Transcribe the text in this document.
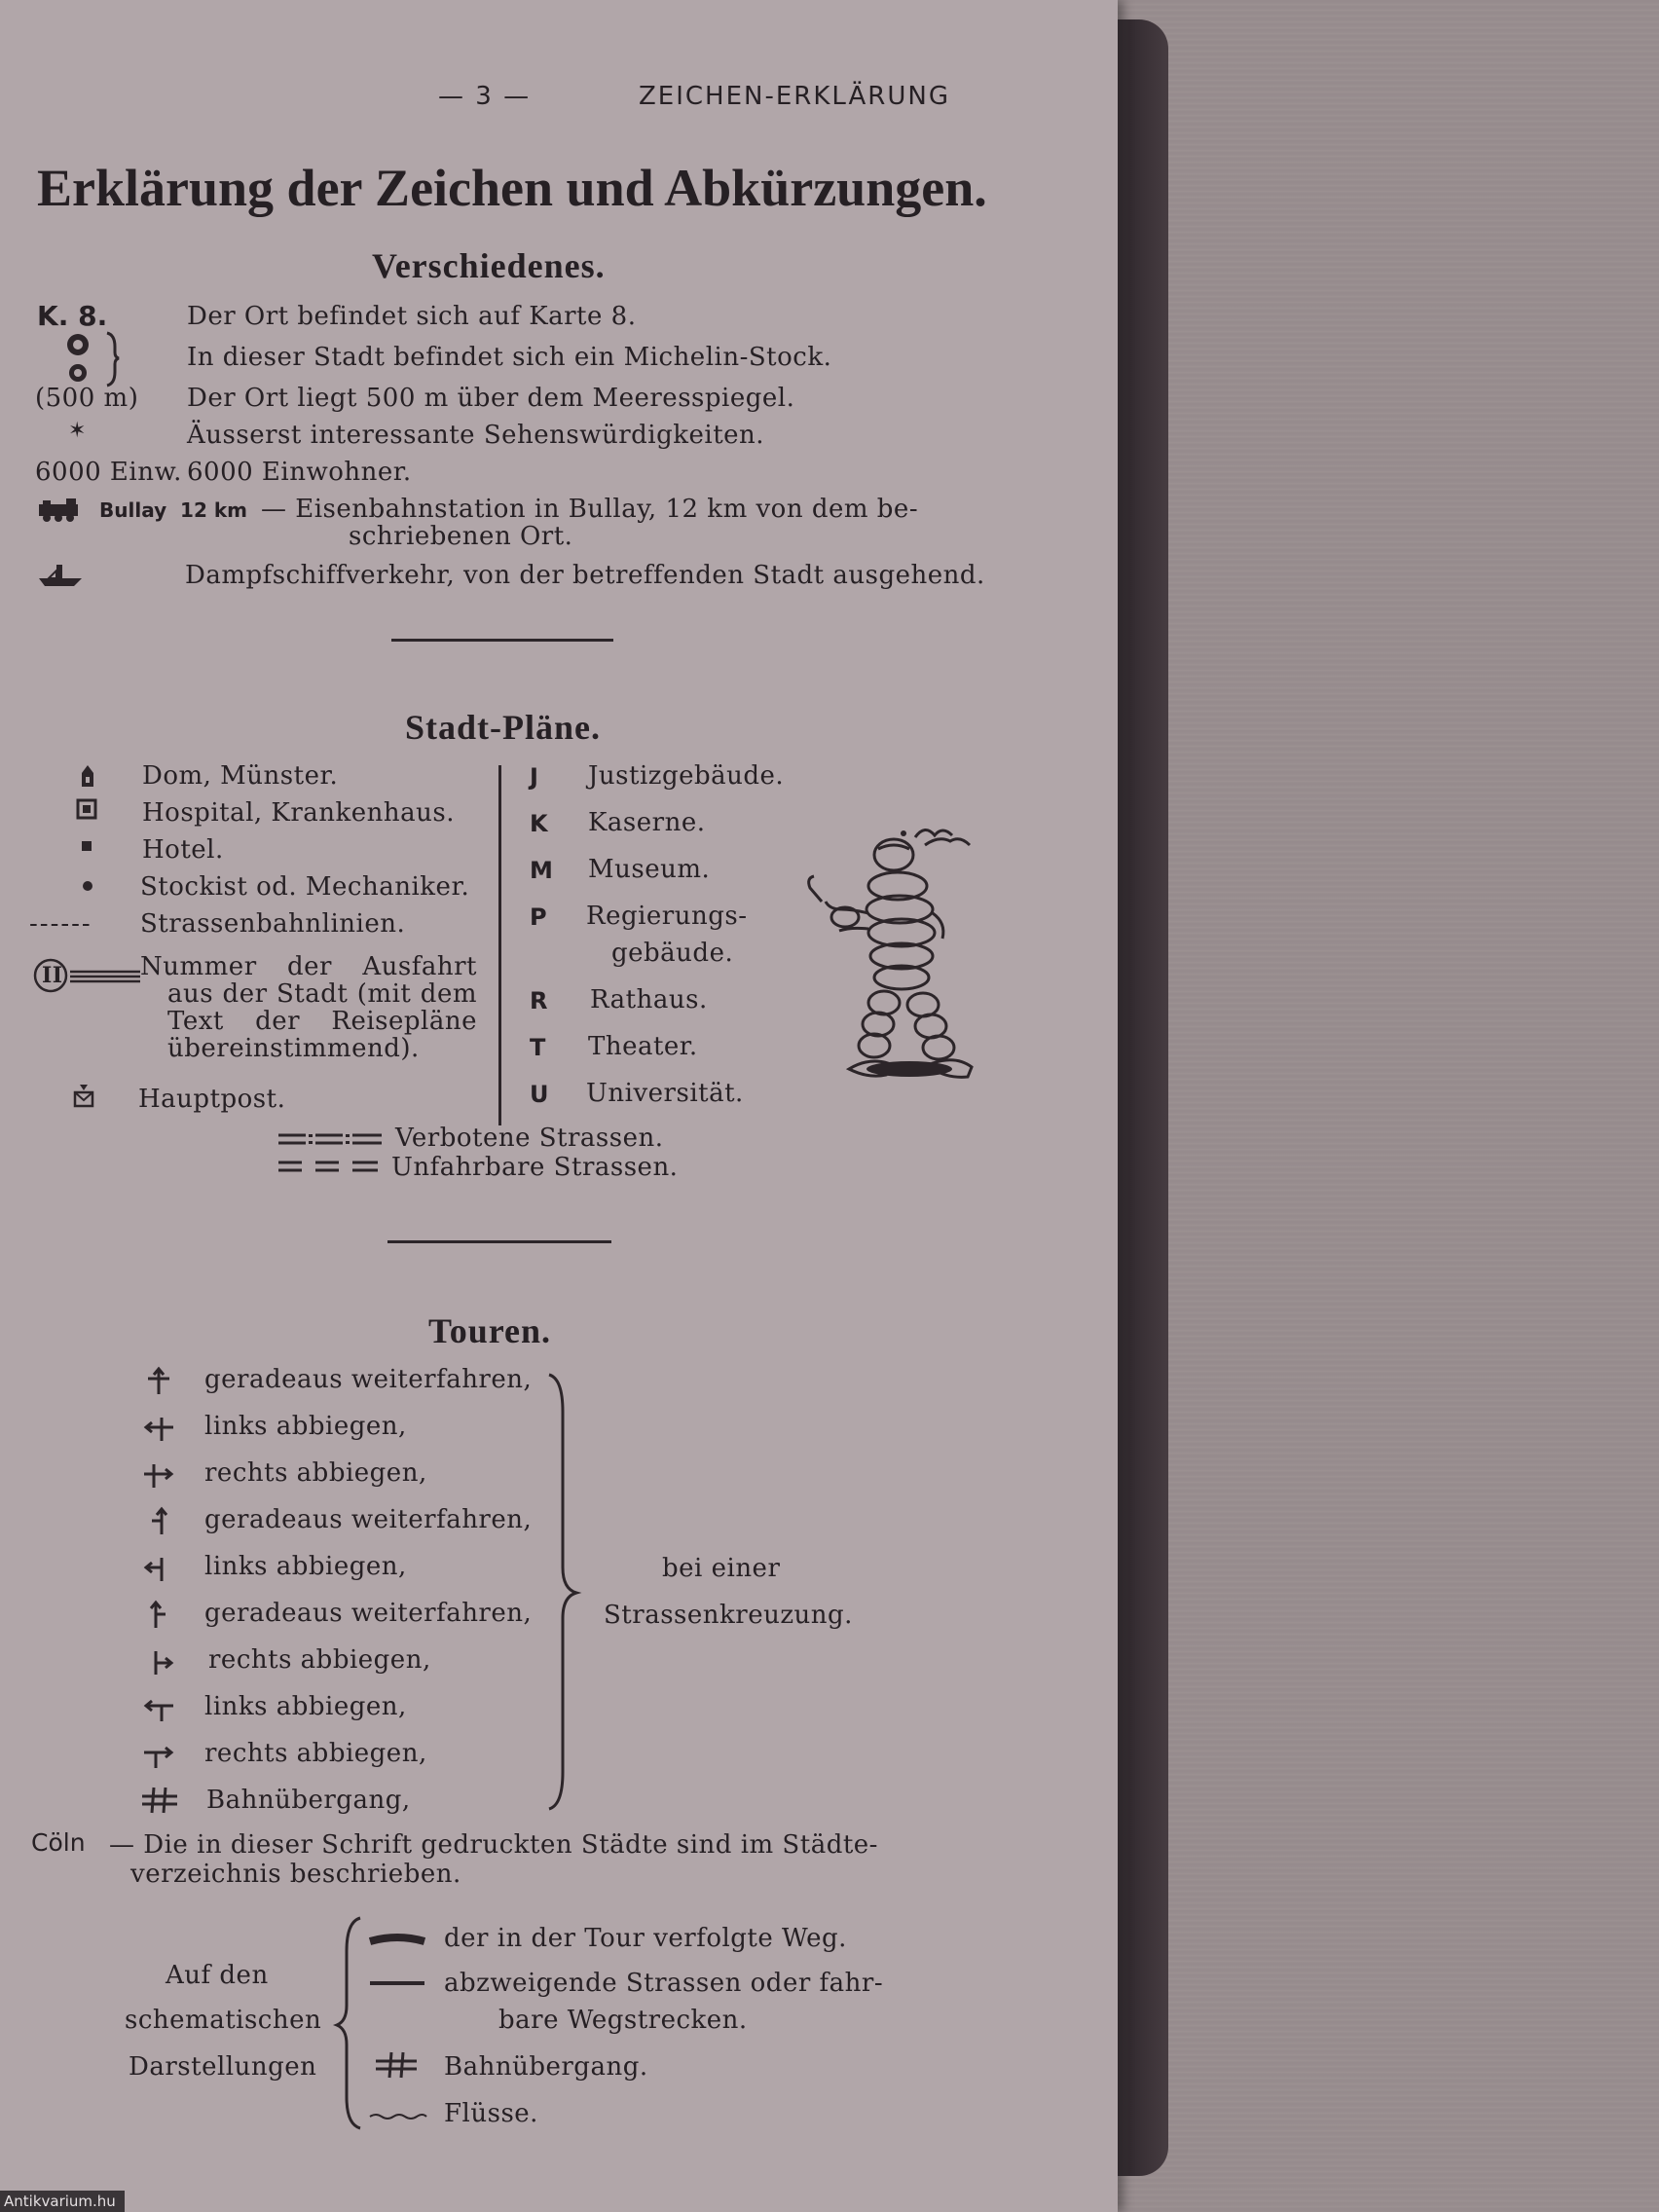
— 3 —	ZEICHEN-ERKLÄRUNG
Erklärung der Zeichen und Abkürzungen.
Verschiedenes.
K. 8.	Der Ort befindet sich auf Karte 8.
In dieser Stadt befindet sich ein Michelin-Stock.
(500 m) Der Ort liegt 500 m über dem Meeresspiegel.
✶	Äusserst interessante Sehenswürdigkeiten.
6000 Einw. 6000 Einwohner.
Bullay  12 km — Eisenbahnstation in Bullay, 12 km von dem be-
schriebenen Ort.
Dampfschiffverkehr, von der betreffenden Stadt ausgehend.
Stadt-Pläne.
Dom, Münster.
Hospital, Krankenhaus.
Hotel.
Stockist od. Mechaniker.
------ Strassenbahnlinien.
II	Nummer der Ausfahrt
aus der Stadt (mit dem
Text der Reisepläne
übereinstimmend).
Hauptpost.
J Justizgebäude.
K Kaserne.
M Museum.
P Regierungs-
gebäude.
R Rathaus.
T Theater.
U Universität.
Verbotene Strassen.
Unfahrbare Strassen.
Touren.
geradeaus weiterfahren,
links abbiegen,
rechts abbiegen,
geradeaus weiterfahren,
links abbiegen,
geradeaus weiterfahren,
rechts abbiegen,
links abbiegen,
rechts abbiegen,
Bahnübergang,
bei einer
Strassenkreuzung.
Cöln — Die in dieser Schrift gedruckten Städte sind im Städte-
verzeichnis beschrieben.
Auf den
schematischen
Darstellungen
der in der Tour verfolgte Weg.
abzweigende Strassen oder fahr-
bare Wegstrecken.
Bahnübergang.
Flüsse.
Antikvarium.hu
